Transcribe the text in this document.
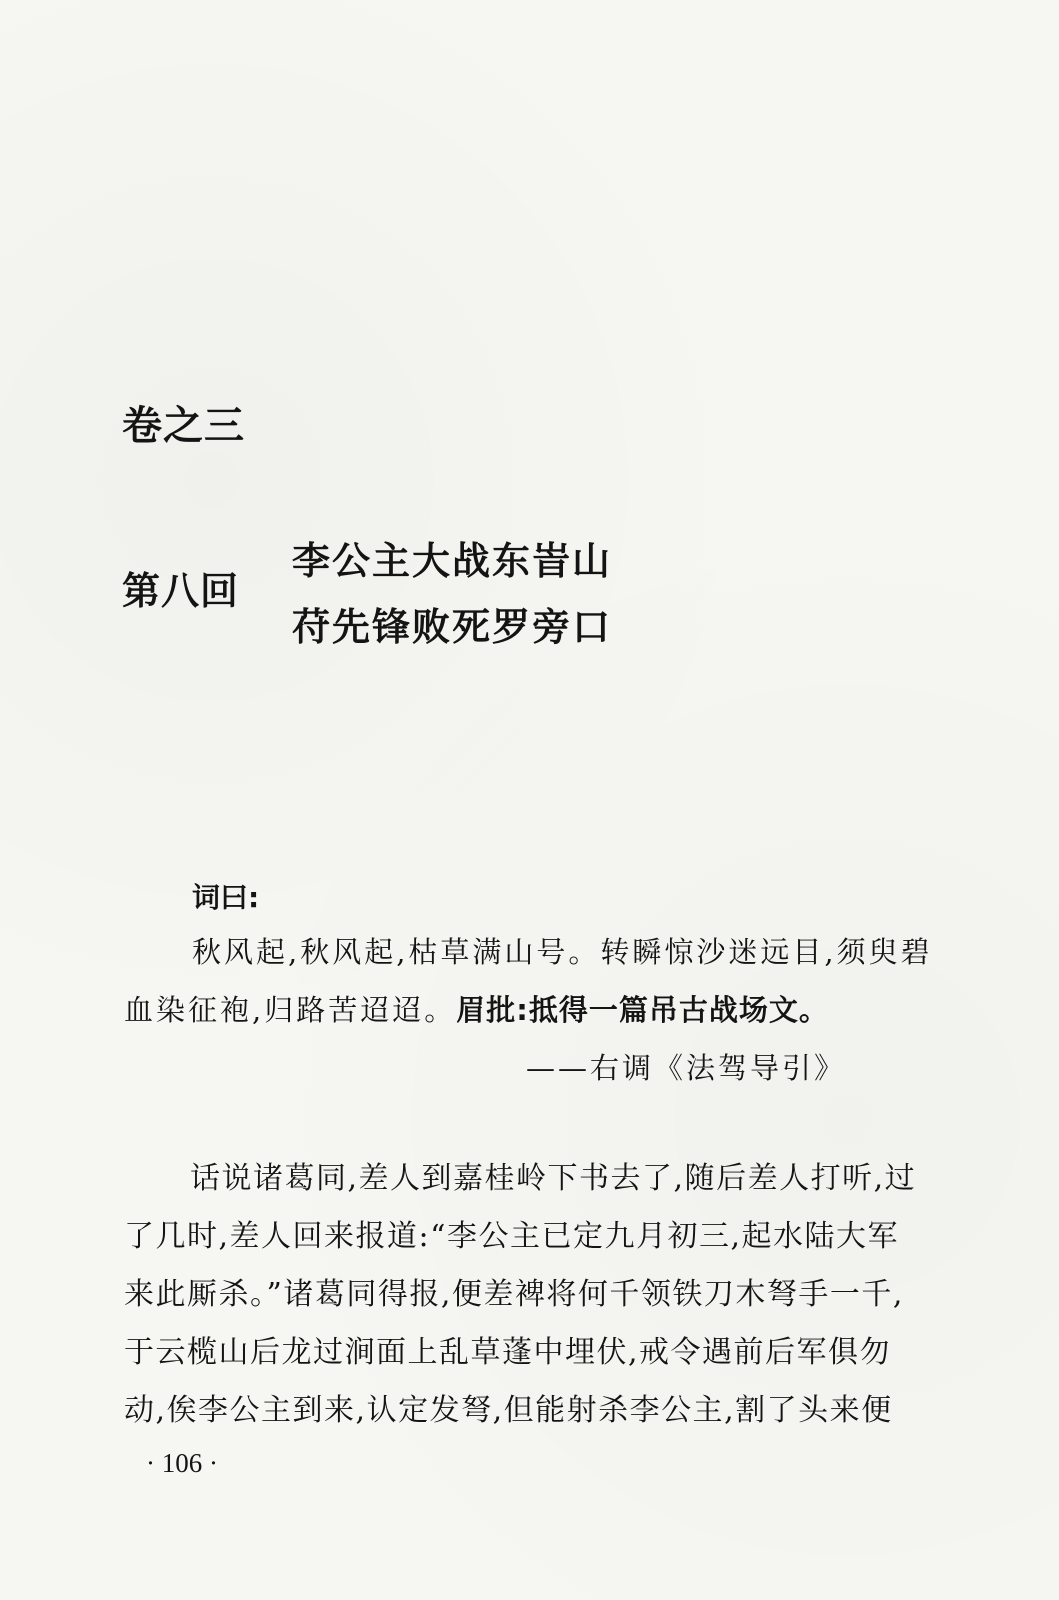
卷之三
第八回
李公主大战东峕山
苻先锋败死罗旁口
词曰:
秋风起,秋风起,枯草满山号。转瞬惊沙迷远目,须臾碧
血染征袍,归路苦迢迢。眉批:抵得一篇吊古战场文。
——右调《法驾导引》
话说诸葛同,差人到嘉桂岭下书去了,随后差人打听,过
了几时,差人回来报道:“李公主已定九月初三,起水陆大军
来此厮杀。”诸葛同得报,便差裨将何千领铁刀木弩手一千,
于云榄山后龙过涧面上乱草蓬中埋伏,戒令遇前后军俱勿
动,俟李公主到来,认定发弩,但能射杀李公主,割了头来便
· 106 ·
